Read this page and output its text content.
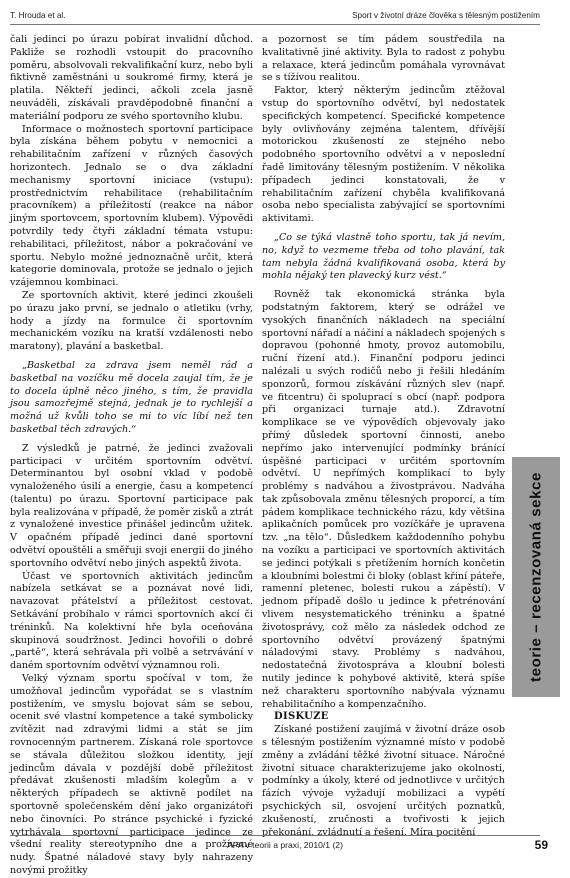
T. Hrouda et al.	Sport v životní dráze člověka s tělesným postižením

čali jedinci po úrazu pobírat invalidní důchod. Pakliže se rozhodli vstoupit do pracovního poměru, absolvovali rekvalifikační kurz, nebo byli fiktivně zaměstnáni u soukromé firmy, která je platila. Někteří jedinci, ačkoli zcela jasně neuváděli, získávali pravděpodobně finanční a materiální podporu ze svého sportovního klubu.

Informace o možnostech sportovní participace byla získána během pobytu v nemocnici a rehabilitačním zařízení v různých časových horizontech. Jednalo se o dva základní mechanismy sportovní iniciace (vstupu): prostřednictvím rehabilitace (rehabilitačním pracovníkem) a příležitostí (reakce na nábor jiným sportovcem, sportovním klubem). Výpovědi potvrdily tedy čtyři základní témata vstupu: rehabilitaci, příležitost, nábor a pokračování ve sportu. Nebylo možné jednoznačně určit, která kategorie dominovala, protože se jednalo o jejich vzájemnou kombinaci.

Ze sportovních aktivit, které jedinci zkoušeli po úrazu jako první, se jednalo o atletiku (vrhy, hody a jízdy na formulce či sportovním mechanickém vozíku na kratší vzdálenosti nebo maratony), plavání a basketbal.

„Basketbal za zdrava jsem neměl rád a basketbal na vozíčku mě docela zaujal tím, že je to docela úplně něco jiného, s tím, že pravidla jsou samozřejmě stejná, jednak je to rychlejší a možná už kvůli toho se mi to víc líbí než ten basketbal těch zdravých.“

Z výsledků je patrné, že jedinci zvažovali participaci v určitém sportovním odvětví. Determinantou byl osobní vklad v podobě vynaloženého úsilí a energie, času a kompetencí (talentu) po úrazu. Sportovní participace pak byla realizována v případě, že poměr zisků a ztrát z vynaložené investice přinášel jedincům užitek. V opačném případě jedinci dané sportovní odvětví opouštěli a směřuji svoji energii do jiného sportovního odvětví nebo jiných aspektů života.

Účast ve sportovních aktivitách jedincům nabízela setkávat se a poznávat nové lidi, navazovat přátelství a příležitost cestovat. Setkávání probíhalo v rámci sportovních akcí či tréninků. Na kolektivní hře byla oceňována skupinová soudržnost. Jedinci hovořili o dobré „partě“, která sehrávala při volbě a setrvávání v daném sportovním odvětví významnou roli.

Velký význam sportu spočíval v tom, že umožňoval jedincům vypořádat se s vlastním postižením, ve smyslu bojovat sám se sebou, ocenit své vlastní kompetence a také symbolicky zvítězit nad zdravými lidmi a stát se jim rovnocenným partnerem. Získaná role sportovce se stávala důležitou složkou identity, její jedincům dávala v pozdější době příležitost předávat zkušenosti mladším kolegům a v některých případech se aktivně podílet na sportovně společenském dění jako organizátoři nebo činovníci. Po stránce psychické i fyzické vytrhávala sportovní participace jedince ze všední reality stereotypního dne a prožívané nudy. Špatné náladové stavy byly nahrazeny novými prožitky

a pozornost se tím pádem soustředila na kvalitativně jiné aktivity. Byla to radost z pohybu a relaxace, která jedincům pomáhala vyrovnávat se s tížívou realitou.

Faktor, který některým jedincům ztěžoval vstup do sportovního odvětví, byl nedostatek specifických kompetencí. Specifické kompetence byly ovlivňovány zejména talentem, dřívější motorickou zkušeností ze stejného nebo podobného sportovního odvětví a v neposlední řadě limitovány tělesným postižením. V několika případech jedinci konstatovali, že v rehabilitačním zařízení chyběla kvalifikovaná osoba nebo specialista zabývající se sportovními aktivitami.

„Co se týká vlastně toho sportu, tak já nevím, no, když to vezmeme třeba od toho plavání, tak tam nebyla žádná kvalifikovaná osoba, která by mohla nějaký ten plavecký kurz vést.“

Rovněž tak ekonomická stránka byla podstatným faktorem, který se odrážel ve vysokých finančních nákladech na speciální sportovní nářadí a náčiní a nákladech spojených s dopravou (pohonné hmoty, provoz automobilu, ruční řízení atd.). Finanční podporu jedinci nalézali u svých rodičů nebo ji řešili hledáním sponzorů, formou získávání různých slev (např. ve fitcentru) či spoluprací s obcí (např. podpora při organizaci turnaje atd.). Zdravotní komplikace se ve výpovědích objevovaly jako přímý důsledek sportovní činnosti, anebo nepřímo jako intervenující podmínky bránící úspěšné participaci v určitém sportovním odvětví. U nepřímých komplikací to byly problémy s nadváhou a živostprávou. Nadváha tak způsobovala změnu tělesných proporcí, a tím pádem komplikace technického rázu, kdy většina aplikačních pomůcek pro vozíčkáře je upravena tzv. „na tělo“. Důsledkem každodenního pohybu na vozíku a participaci ve sportovních aktivitách se jedinci potýkali s přetížením horních končetin a kloubními bolestmi či bloky (oblast křiní páteře, ramenní pletenec, bolesti rukou a zápěstí). V jednom případě došlo u jedince k přetrénování vlivem nesystematického tréninku a špatné životosprávy, což mělo za následek odchod ze sportovního odvětví provázený špatnými náladovými stavy. Problémy s nadváhou, nedostatečná životospráva a kloubní bolesti nutily jedince k pohybové aktivitě, která spíše než charakteru sportovního nabývala významu rehabilitačního a kompenzačního.

DISKUZE

Získané postižení zaujímá v životní dráze osob s tělesným postižením významné místo v podobě změny a zvládání těžké životní situace. Náročné životní situace charakterizujeme jako okolnosti, podmínky a úkoly, které od jednotlivce v určitých fázích vývoje vyžadují mobilizaci a vypětí psychických sil, osvojení určitých poznatků, zkušeností, zručnosti a tvořivosti k jejich překonání, zvládnutí a řešení. Míra pocitění

teorie – recenzovaná sekce
APA v teorii a praxi, 2010/1 (2)	59
